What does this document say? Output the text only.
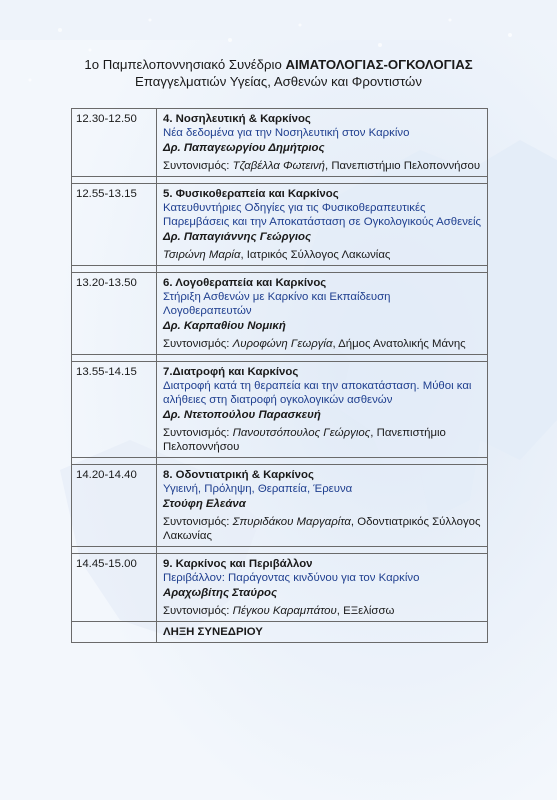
1ο Παμπελοποννησιακό Συνέδριο ΑΙΜΑΤΟΛΟΓΙΑΣ-ΟΓΚΟΛΟΓΙΑΣ
Επαγγελματιών Υγείας, Ασθενών και Φροντιστών
12.30-12.50	4. Νοσηλευτική & Καρκίνος
Νέα δεδομένα για την Νοσηλευτική στον Καρκίνο
Δρ. Παπαγεωργίου Δημήτριος
Συντονισμός: Τζαβέλλα Φωτεινή, Πανεπιστήμιο Πελοποννήσου

12.55-13.15	5. Φυσικοθεραπεία και Καρκίνος
Κατευθυντήριες Οδηγίες για τις Φυσικοθεραπευτικές Παρεμβάσεις και την Αποκατάσταση σε Ογκολογικούς Ασθενείς
Δρ. Παπαγιάννης Γεώργιος
Τσιρώνη Μαρία, Ιατρικός Σύλλογος Λακωνίας

13.20-13.50	6. Λογοθεραπεία και Καρκίνος
Στήριξη Ασθενών με Καρκίνο και Εκπαίδευση Λογοθεραπευτών
Δρ. Καρπαθίου Νομική
Συντονισμός: Λυροφώνη Γεωργία, Δήμος Ανατολικής Μάνης

13.55-14.15	7.Διατροφή και Καρκίνος
Διατροφή κατά τη θεραπεία και την αποκατάσταση. Μύθοι και αλήθειες στη διατροφή ογκολογικών ασθενών
Δρ. Ντετοπούλου Παρασκευή
Συντονισμός: Πανουτσόπουλος Γεώργιος, Πανεπιστήμιο Πελοποννήσου

14.20-14.40	8. Οδοντιατρική & Καρκίνος
Υγιεινή, Πρόληψη, Θεραπεία, Έρευνα
Στούφη Ελεάνα
Συντονισμός: Σπυριδάκου Μαργαρίτα, Οδοντιατρικός Σύλλογος Λακωνίας

14.45-15.00	9. Καρκίνος και Περιβάλλον
Περιβάλλον: Παράγοντας κινδύνου για τον Καρκίνο
Αραχωβίτης Σταύρος
Συντονισμός: Πέγκου Καραμπάτου, ΕΞελίσσω

	ΛΗΞΗ ΣΥΝΕΔΡΙΟΥ
